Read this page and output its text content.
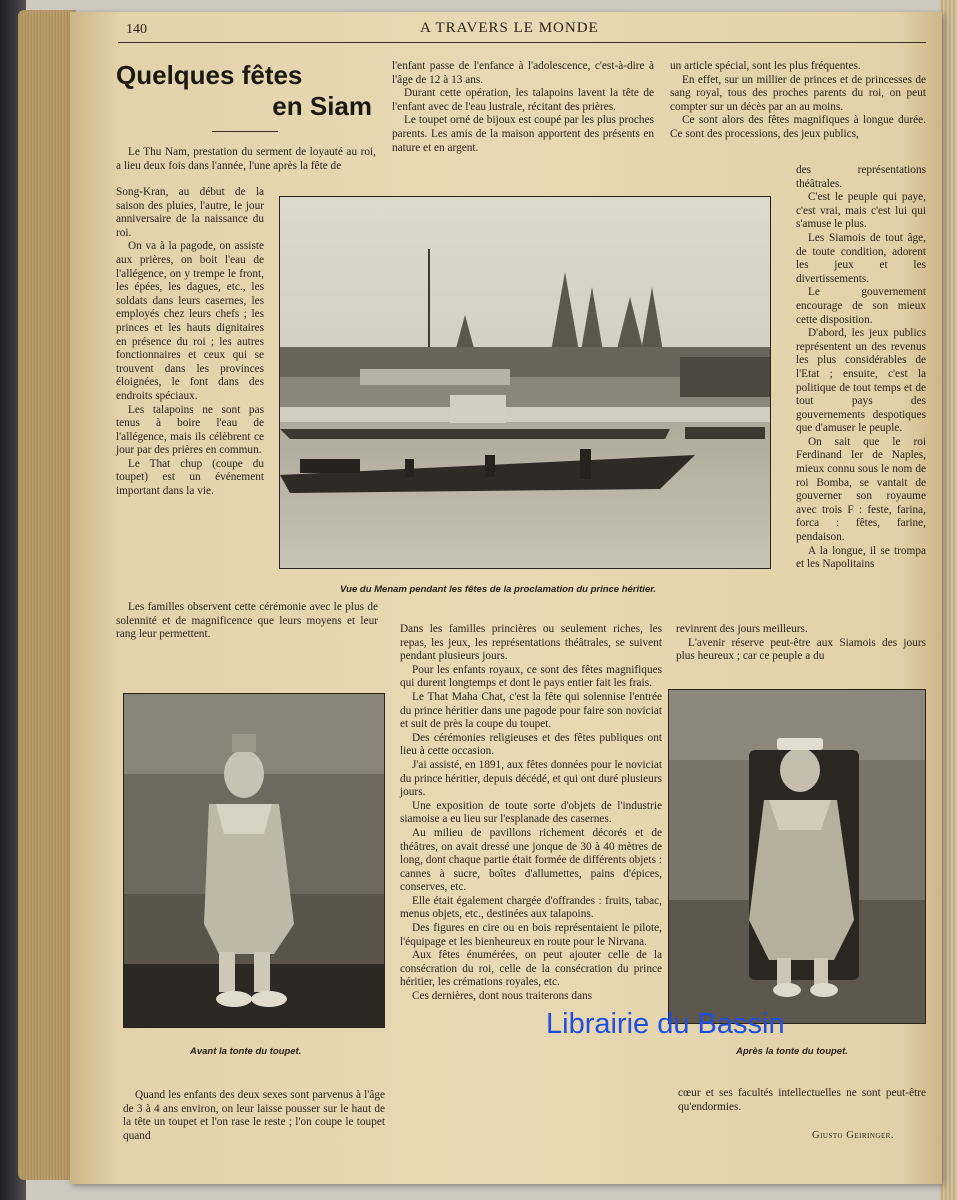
140	A TRAVERS LE MONDE
Quelques fêtes
en Siam

Le Thu Nam, prestation du serment de loyauté au roi, a lieu deux fois dans l'année, l'une après la fête de

Song-Kran, au début de la saison des pluies, l'autre, le jour anniversaire de la naissance du roi.

On va à la pagode, on assiste aux prières, on boit l'eau de l'allégence, on y trempe le front, les épées, les dagues, etc., les soldats dans leurs casernes, les employés chez leurs chefs ; les princes et les hauts dignitaires en présence du roi ; les autres fonctionnaires et ceux qui se trouvent dans les provinces éloignées, le font dans des endroits spéciaux.

Les talapoins ne sont pas tenus à boire l'eau de l'allégence, mais ils célèbrent ce jour par des prières en commun.

Le That chup (coupe du toupet) est un événement important dans la vie.

Les familles observent cette cérémonie avec le plus de solennité et de magnificence que leurs moyens et leur rang leur permettent.

l'enfant passe de l'enfance à l'adolescence, c'est-à-dire à l'âge de 12 à 13 ans.

Durant cette opération, les talapoins lavent la tête de l'enfant avec de l'eau lustrale, récitant des prières.

Le toupet orné de bijoux est coupé par les plus proches parents. Les amis de la maison apportent des présents en nature et en argent.

un article spécial, sont les plus fréquentes.

En effet, sur un millier de princes et de princesses de sang royal, tous des proches parents du roi, on peut compter sur un décès par an au moins.

Ce sont alors des fêtes magnifiques à longue durée. Ce sont des processions, des jeux publics,

des représentations théâtrales.

C'est le peuple qui paye, c'est vrai, mais c'est lui qui s'amuse le plus.

Les Siamois de tout âge, de toute condition, adorent les jeux et les divertissements.

Le gouvernement encourage de son mieux cette disposition.

D'abord, les jeux publics représentent un des revenus les plus considérables de l'Etat ; ensuite, c'est la politique de tout temps et de tout pays des gouvernements despotiques que d'amuser le peuple.

On sait que le roi Ferdinand Ier de Naples, mieux connu sous le nom de roi Bomba, se vantait de gouverner son royaume avec trois F : feste, farina, forca : fêtes, farine, pendaison.

A la longue, il se trompa et les Napolitains

revinrent des jours meilleurs.

L'avenir réserve peut-être aux Siamois des jours plus heureux ; car ce peuple a du

Vue du Menam pendant les fêtes de la proclamation du prince héritier.

Dans les familles princières ou seulement riches, les repas, les jeux, les représentations théâtrales, se suivent pendant plusieurs jours.

Pour les enfants royaux, ce sont des fêtes magnifiques qui durent longtemps et dont le pays entier fait les frais.

Le That Maha Chat, c'est la fête qui solennise l'entrée du prince héritier dans une pagode pour faire son noviciat et suit de près la coupe du toupet.

Des cérémonies religieuses et des fêtes publiques ont lieu à cette occasion.

J'ai assisté, en 1891, aux fêtes données pour le noviciat du prince héritier, depuis décédé, et qui ont duré plusieurs jours.

Une exposition de toute sorte d'objets de l'industrie siamoise a eu lieu sur l'esplanade des casernes.

Au milieu de pavillons richement décorés et de théâtres, on avait dressé une jonque de 30 à 40 mètres de long, dont chaque partie était formée de différents objets : cannes à sucre, boîtes d'allumettes, pains d'épices, conserves, etc.

Elle était également chargée d'offrandes : fruits, tabac, menus objets, etc., destinées aux talapoins.

Des figures en cire ou en bois représentaient le pilote, l'équipage et les bienheureux en route pour le Nirvana.

Aux fêtes énumérées, on peut ajouter celle de la consécration du roi, celle de la consécration du prince héritier, les crémations royales, etc.

Ces dernières, dont nous traiterons dans

Avant la tonte du toupet.	Après la tonte du toupet.

Quand les enfants des deux sexes sont parvenus à l'âge de 3 à 4 ans environ, on leur laisse pousser sur le haut de la tête un toupet et l'on rase le reste ; l'on coupe le toupet quand

cœur et ses facultés intellectuelles ne sont peut-être qu'endormies.

Giusto Geiringer.
Librairie du Bassin
